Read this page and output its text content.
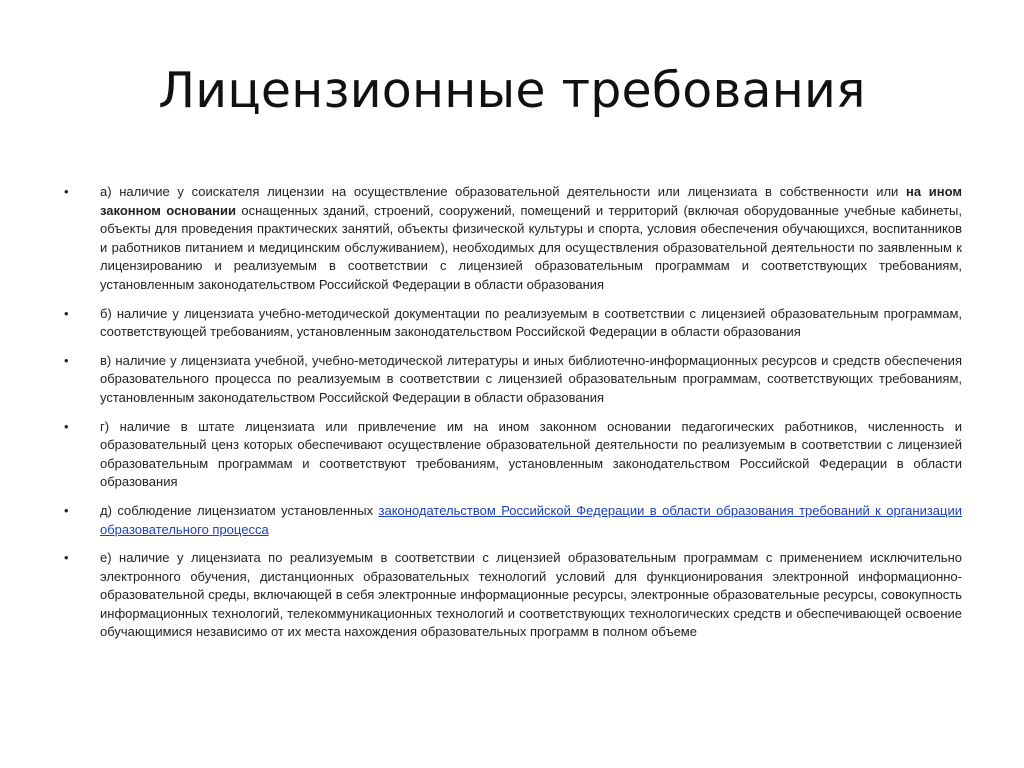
Лицензионные требования
•	а) наличие у соискателя лицензии на осуществление образовательной деятельности или лицензиата в собственности или на ином законном основании оснащенных зданий, строений, сооружений, помещений и территорий (включая оборудованные учебные кабинеты, объекты для проведения практических занятий, объекты физической культуры и спорта, условия обеспечения обучающихся, воспитанников и работников питанием и медицинским обслуживанием), необходимых для осуществления образовательной деятельности по заявленным к лицензированию и реализуемым в соответствии с лицензией образовательным программам и соответствующих требованиям, установленным законодательством Российской Федерации в области образования
•	б) наличие у лицензиата учебно-методической документации по реализуемым в соответствии с лицензией образовательным программам, соответствующей требованиям, установленным законодательством Российской Федерации в области образования
•	в) наличие у лицензиата учебной, учебно-методической литературы и иных библиотечно-информационных ресурсов и средств обеспечения образовательного процесса по реализуемым в соответствии с лицензией образовательным программам, соответствующих требованиям, установленным законодательством Российской Федерации в области образования
•	г) наличие в штате лицензиата или привлечение им на ином законном основании педагогических работников, численность и образовательный ценз которых обеспечивают осуществление образовательной деятельности по реализуемым в соответствии с лицензией образовательным программам и соответствуют требованиям, установленным законодательством Российской Федерации в области образования
•	д) соблюдение лицензиатом установленных законодательством Российской Федерации в области образования требований к организации образовательного процесса
•	е) наличие у лицензиата по реализуемым в соответствии с лицензией образовательным программам с применением исключительно электронного обучения, дистанционных образовательных технологий условий для функционирования электронной информационно-образовательной среды, включающей в себя электронные информационные ресурсы, электронные образовательные ресурсы, совокупность информационных технологий, телекоммуникационных технологий и соответствующих технологических средств и обеспечивающей освоение обучающимися независимо от их места нахождения образовательных программ в полном объеме
